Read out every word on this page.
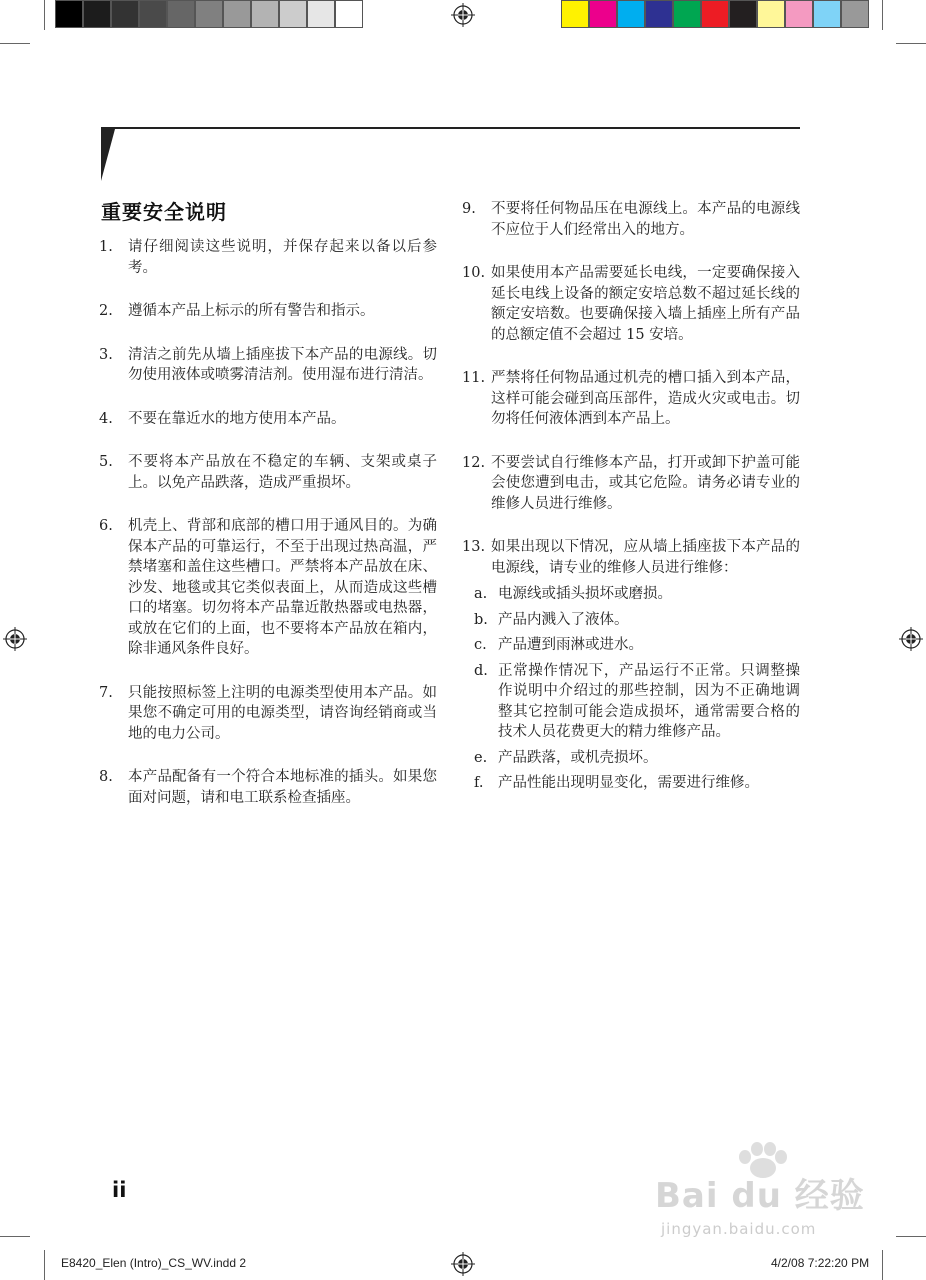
重要安全说明
1. 请仔细阅读这些说明，并保存起来以备以后参考。
2. 遵循本产品上标示的所有警告和指示。
3. 清洁之前先从墙上插座拔下本产品的电源线。切勿使用液体或喷雾清洁剂。使用湿布进行清洁。
4. 不要在靠近水的地方使用本产品。
5. 不要将本产品放在不稳定的车辆、支架或桌子上。以免产品跌落，造成严重损坏。
6. 机壳上、背部和底部的槽口用于通风目的。为确保本产品的可靠运行，不至于出现过热高温，严禁堵塞和盖住这些槽口。严禁将本产品放在床、沙发、地毯或其它类似表面上，从而造成这些槽口的堵塞。切勿将本产品靠近散热器或电热器，或放在它们的上面，也不要将本产品放在箱内，除非通风条件良好。
7. 只能按照标签上注明的电源类型使用本产品。如果您不确定可用的电源类型，请咨询经销商或当地的电力公司。
8. 本产品配备有一个符合本地标准的插头。如果您面对问题，请和电工联系检查插座。
9. 不要将任何物品压在电源线上。本产品的电源线不应位于人们经常出入的地方。
10. 如果使用本产品需要延长电线，一定要确保接入延长电线上设备的额定安培总数不超过延长线的额定安培数。也要确保接入墙上插座上所有产品的总额定值不会超过 15 安培。
11. 严禁将任何物品通过机壳的槽口插入到本产品，这样可能会碰到高压部件，造成火灾或电击。切勿将任何液体洒到本产品上。
12. 不要尝试自行维修本产品，打开或卸下护盖可能会使您遭到电击，或其它危险。请务必请专业的维修人员进行维修。
13. 如果出现以下情况，应从墙上插座拔下本产品的电源线，请专业的维修人员进行维修：
a. 电源线或插头损坏或磨损。
b. 产品内溅入了液体。
c. 产品遭到雨淋或进水。
d. 正常操作情况下，产品运行不正常。只调整操作说明中介绍过的那些控制，因为不正确地调整其它控制可能会造成损坏，通常需要合格的技术人员花费更大的精力维修产品。
e. 产品跌落，或机壳损坏。
f. 产品性能出现明显变化，需要进行维修。
ii
E8420_Elen (Intro)_CS_WV.indd 2	4/2/08 7:22:20 PM
Bai du 经验
jingyan.baidu.com
